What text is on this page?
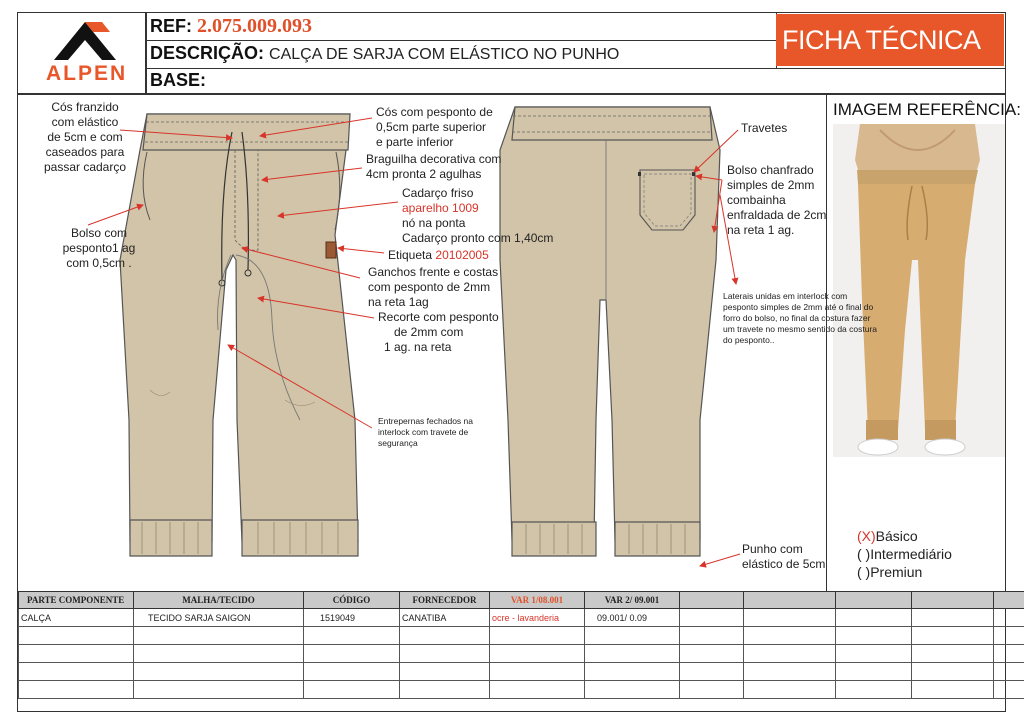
ALPEN
REF: 2.075.009.093
DESCRIÇÃO: CALÇA DE SARJA COM ELÁSTICO NO PUNHO
BASE:
FICHA TÉCNICA
Cós franzido
com elástico
de 5cm e com
caseados para
passar cadarço
Cós com pesponto de
0,5cm parte superior
e parte inferior
Braguilha decorativa com
4cm pronta 2 agulhas
Cadarço friso
aparelho 1009
nó na ponta
Cadarço pronto com 1,40cm
Etiqueta 20102005
Bolso com
pesponto1 ag
com 0,5cm .
Ganchos frente e costas
com pesponto de 2mm
na reta 1ag
Recorte com pesponto
de 2mm com
1 ag. na reta
Entrepernas fechados na
interlock com travete de
segurança
Travetes
Bolso chanfrado
simples de 2mm
combainha
enfraldada de 2cm
na reta 1 ag.
Laterais unidas em interlock com
pesponto simples de 2mm até o final do
forro do bolso, no final da costura fazer
um travete no mesmo sentido da costura
do pesponto..
Punho com
elástico de 5cm
IMAGEM REFERÊNCIA:
(X)Básico
( )Intermediário
( )Premiun
PARTE COMPONENTE	MALHA/TECIDO	CÓDIGO	FORNECEDOR	VAR 1/08.001	VAR 2/ 09.001					
CALÇA	TECIDO SARJA SAIGON	1519049	CANATIBA	ocre - lavanderia	09.001/ 0.09					
